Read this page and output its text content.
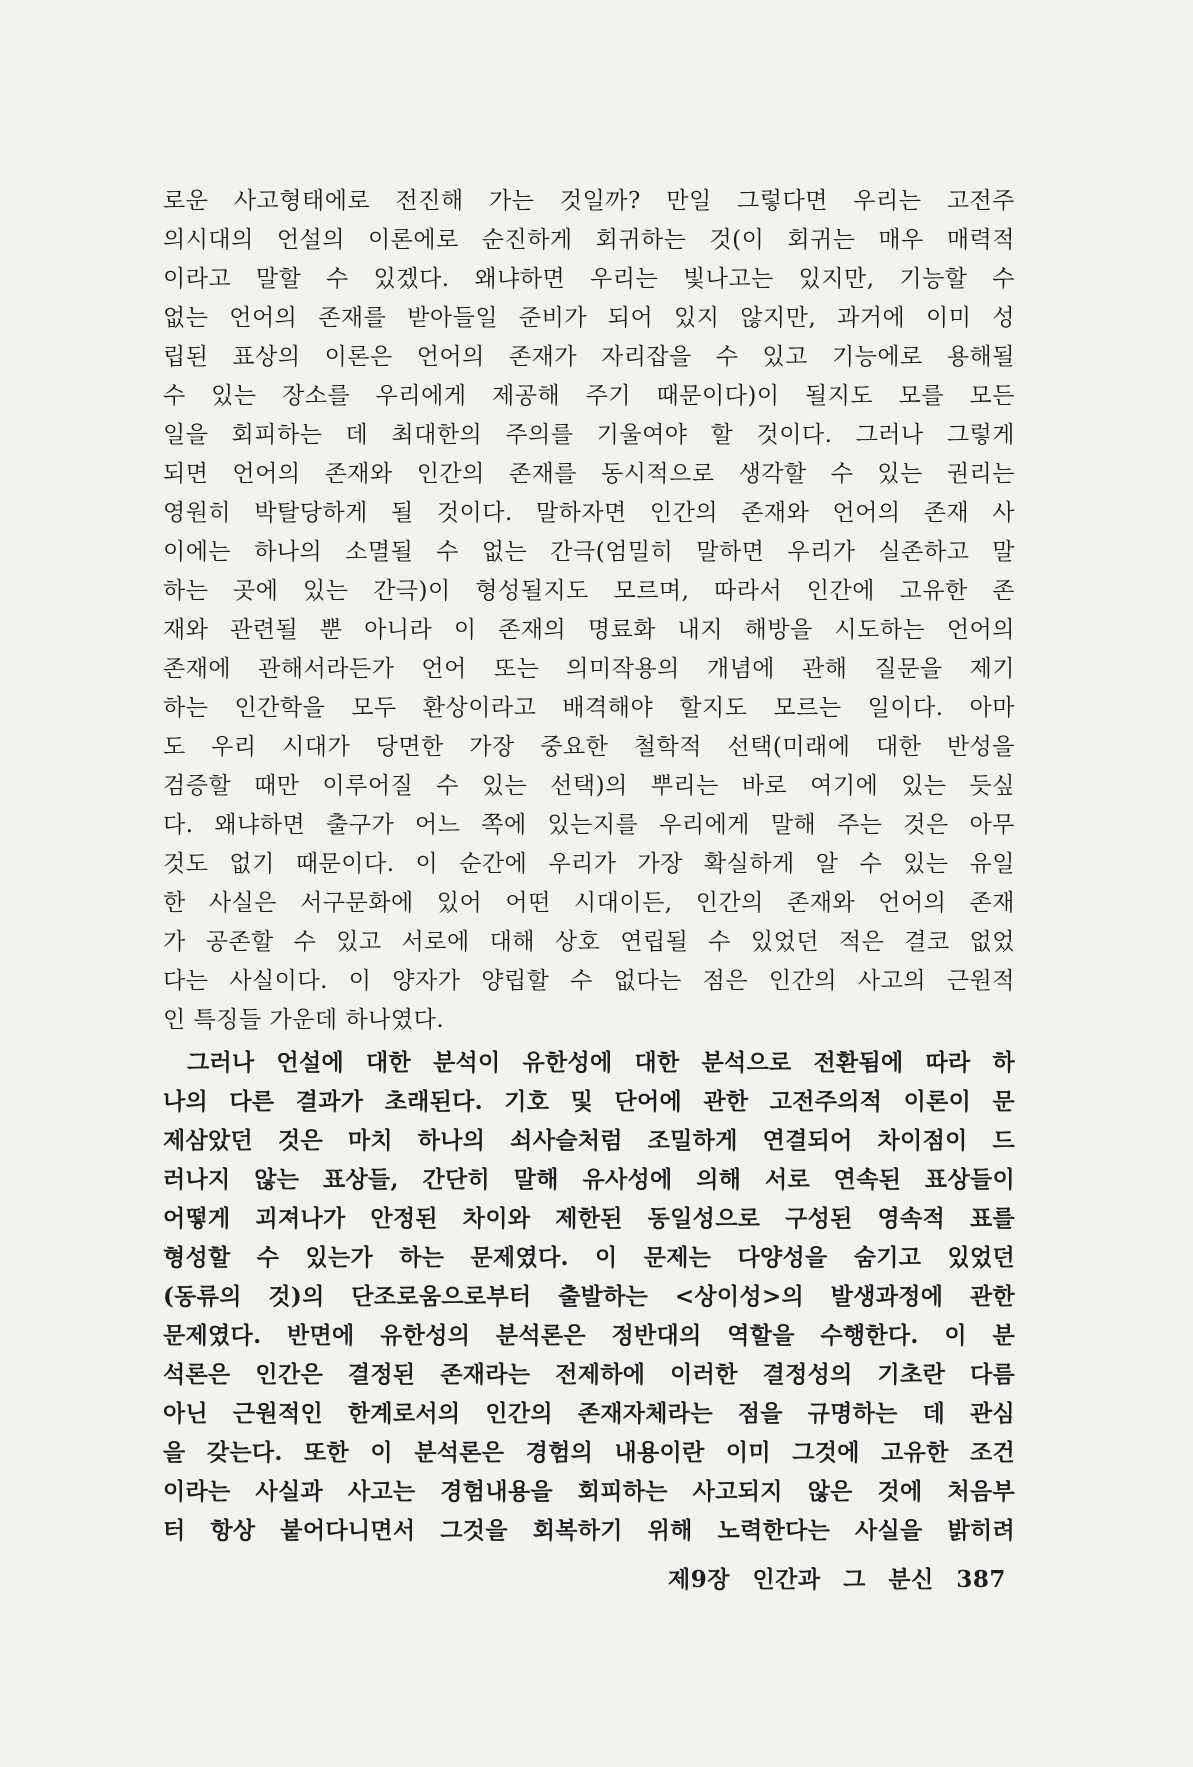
로운 사고형태에로 전진해 가는 것일까? 만일 그렇다면 우리는 고전주
의시대의 언설의 이론에로 순진하게 회귀하는 것(이 회귀는 매우 매력적
이라고 말할 수 있겠다. 왜냐하면 우리는 빛나고는 있지만, 기능할 수
없는 언어의 존재를 받아들일 준비가 되어 있지 않지만, 과거에 이미 성
립된 표상의 이론은 언어의 존재가 자리잡을 수 있고 기능에로 용해될
수 있는 장소를 우리에게 제공해 주기 때문이다)이 될지도 모를 모든
일을 회피하는 데 최대한의 주의를 기울여야 할 것이다. 그러나 그렇게
되면 언어의 존재와 인간의 존재를 동시적으로 생각할 수 있는 권리는
영원히 박탈당하게 될 것이다. 말하자면 인간의 존재와 언어의 존재 사
이에는 하나의 소멸될 수 없는 간극(엄밀히 말하면 우리가 실존하고 말
하는 곳에 있는 간극)이 형성될지도 모르며, 따라서 인간에 고유한 존
재와 관련될 뿐 아니라 이 존재의 명료화 내지 해방을 시도하는 언어의
존재에 관해서라든가 언어 또는 의미작용의 개념에 관해 질문을 제기
하는 인간학을 모두 환상이라고 배격해야 할지도 모르는 일이다. 아마
도 우리 시대가 당면한 가장 중요한 철학적 선택(미래에 대한 반성을
검증할 때만 이루어질 수 있는 선택)의 뿌리는 바로 여기에 있는 듯싶
다. 왜냐하면 출구가 어느 쪽에 있는지를 우리에게 말해 주는 것은 아무
것도 없기 때문이다. 이 순간에 우리가 가장 확실하게 알 수 있는 유일
한 사실은 서구문화에 있어 어떤 시대이든, 인간의 존재와 언어의 존재
가 공존할 수 있고 서로에 대해 상호 연립될 수 있었던 적은 결코 없었
다는 사실이다. 이 양자가 양립할 수 없다는 점은 인간의 사고의 근원적
인 특징들 가운데 하나였다.
그러나 언설에 대한 분석이 유한성에 대한 분석으로 전환됨에 따라 하
나의 다른 결과가 초래된다. 기호 및 단어에 관한 고전주의적 이론이 문
제삼았던 것은 마치 하나의 쇠사슬처럼 조밀하게 연결되어 차이점이 드
러나지 않는 표상들, 간단히 말해 유사성에 의해 서로 연속된 표상들이
어떻게 괴져나가 안정된 차이와 제한된 동일성으로 구성된 영속적 표를
형성할 수 있는가 하는 문제였다. 이 문제는 다양성을 숨기고 있었던
(동류의 것)의 단조로움으로부터 출발하는 <상이성>의 발생과정에 관한
문제였다. 반면에 유한성의 분석론은 정반대의 역할을 수행한다. 이 분
석론은 인간은 결정된 존재라는 전제하에 이러한 결정성의 기초란 다름
아닌 근원적인 한계로서의 인간의 존재자체라는 점을 규명하는 데 관심
을 갖는다. 또한 이 분석론은 경험의 내용이란 이미 그것에 고유한 조건
이라는 사실과 사고는 경험내용을 회피하는 사고되지 않은 것에 처음부
터 항상 붙어다니면서 그것을 회복하기 위해 노력한다는 사실을 밝히려
제9장 인간과 그 분신 387
